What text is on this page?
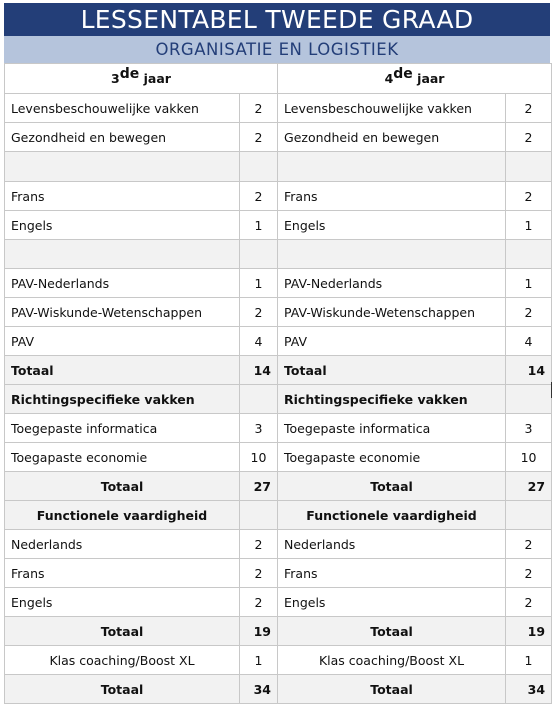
LESSENTABEL TWEEDE GRAAD
ORGANISATIE EN LOGISTIEK
3de jaar		4de jaar	
Levensbeschouwelijke vakken	2	Levensbeschouwelijke vakken	2
Gezondheid en bewegen	2	Gezondheid en bewegen	2

Frans	2	Frans	2
Engels	1	Engels	1

PAV-Nederlands	1	PAV-Nederlands	1
PAV-Wiskunde-Wetenschappen	2	PAV-Wiskunde-Wetenschappen	2
PAV	4	PAV	4
Totaal	14	Totaal	14
Richtingspecifieke vakken		Richtingspecifieke vakken	
Toegepaste informatica	3	Toegepaste informatica	3
Toegapaste economie	10	Toegapaste economie	10
Totaal	27	Totaal	27
Functionele vaardigheid		Functionele vaardigheid	
Nederlands	2	Nederlands	2
Frans	2	Frans	2
Engels	2	Engels	2
Totaal	19	Totaal	19
Klas coaching/Boost XL	1	Klas coaching/Boost XL	1
Totaal	34	Totaal	34
